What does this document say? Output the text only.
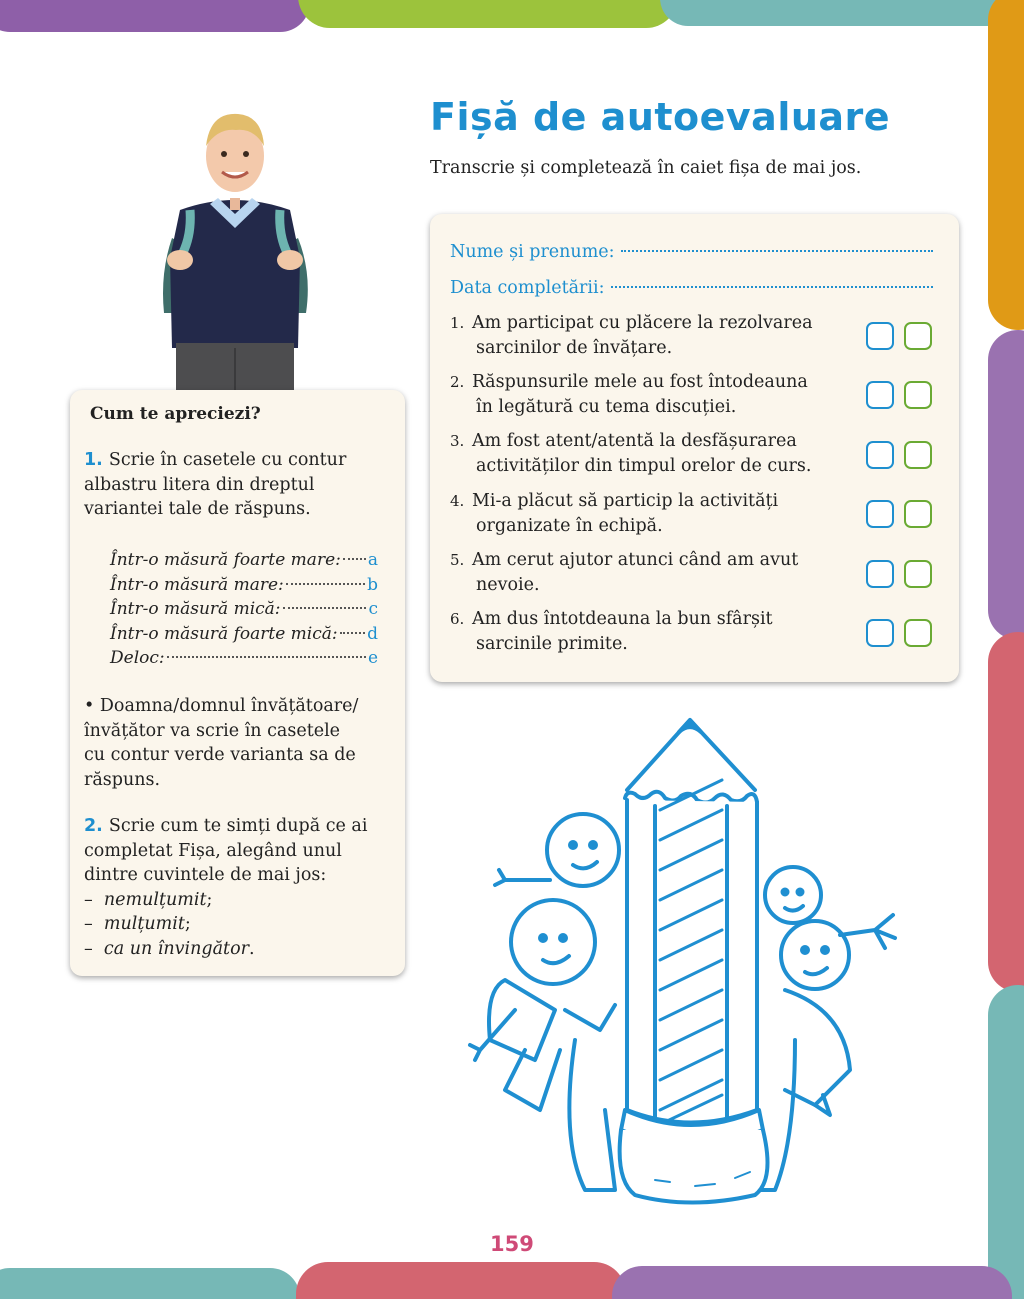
Fișă de autoevaluare
Transcrie și completează în caiet fișa de mai jos.
Cum te apreciezi?
1. Scrie în casetele cu contur
albastru litera din dreptul
variantei tale de răspuns.
Într-o măsură foarte mare: a
Într-o măsură mare:	b
Într-o măsură mică:	c
Într-o măsură foarte mică: d
Deloc:	e
• Doamna/domnul învățătoare/
învățător va scrie în casetele
cu contur verde varianta sa de
răspuns.
2. Scrie cum te simți după ce ai
completat Fișa, alegând unul
dintre cuvintele de mai jos:
– nemulțumit;
– mulțumit;
– ca un învingător.
Nume și prenume:
Data completării:
1. Am participat cu plăcere la rezolvarea
sarcinilor de învățare.
2. Răspunsurile mele au fost întodeauna
în legătură cu tema discuției.
3. Am fost atent/atentă la desfășurarea
activităților din timpul orelor de curs.
4. Mi-a plăcut să particip la activități
organizate în echipă.
5. Am cerut ajutor atunci când am avut
nevoie.
6. Am dus întotdeauna la bun sfârșit
sarcinile primite.
159
